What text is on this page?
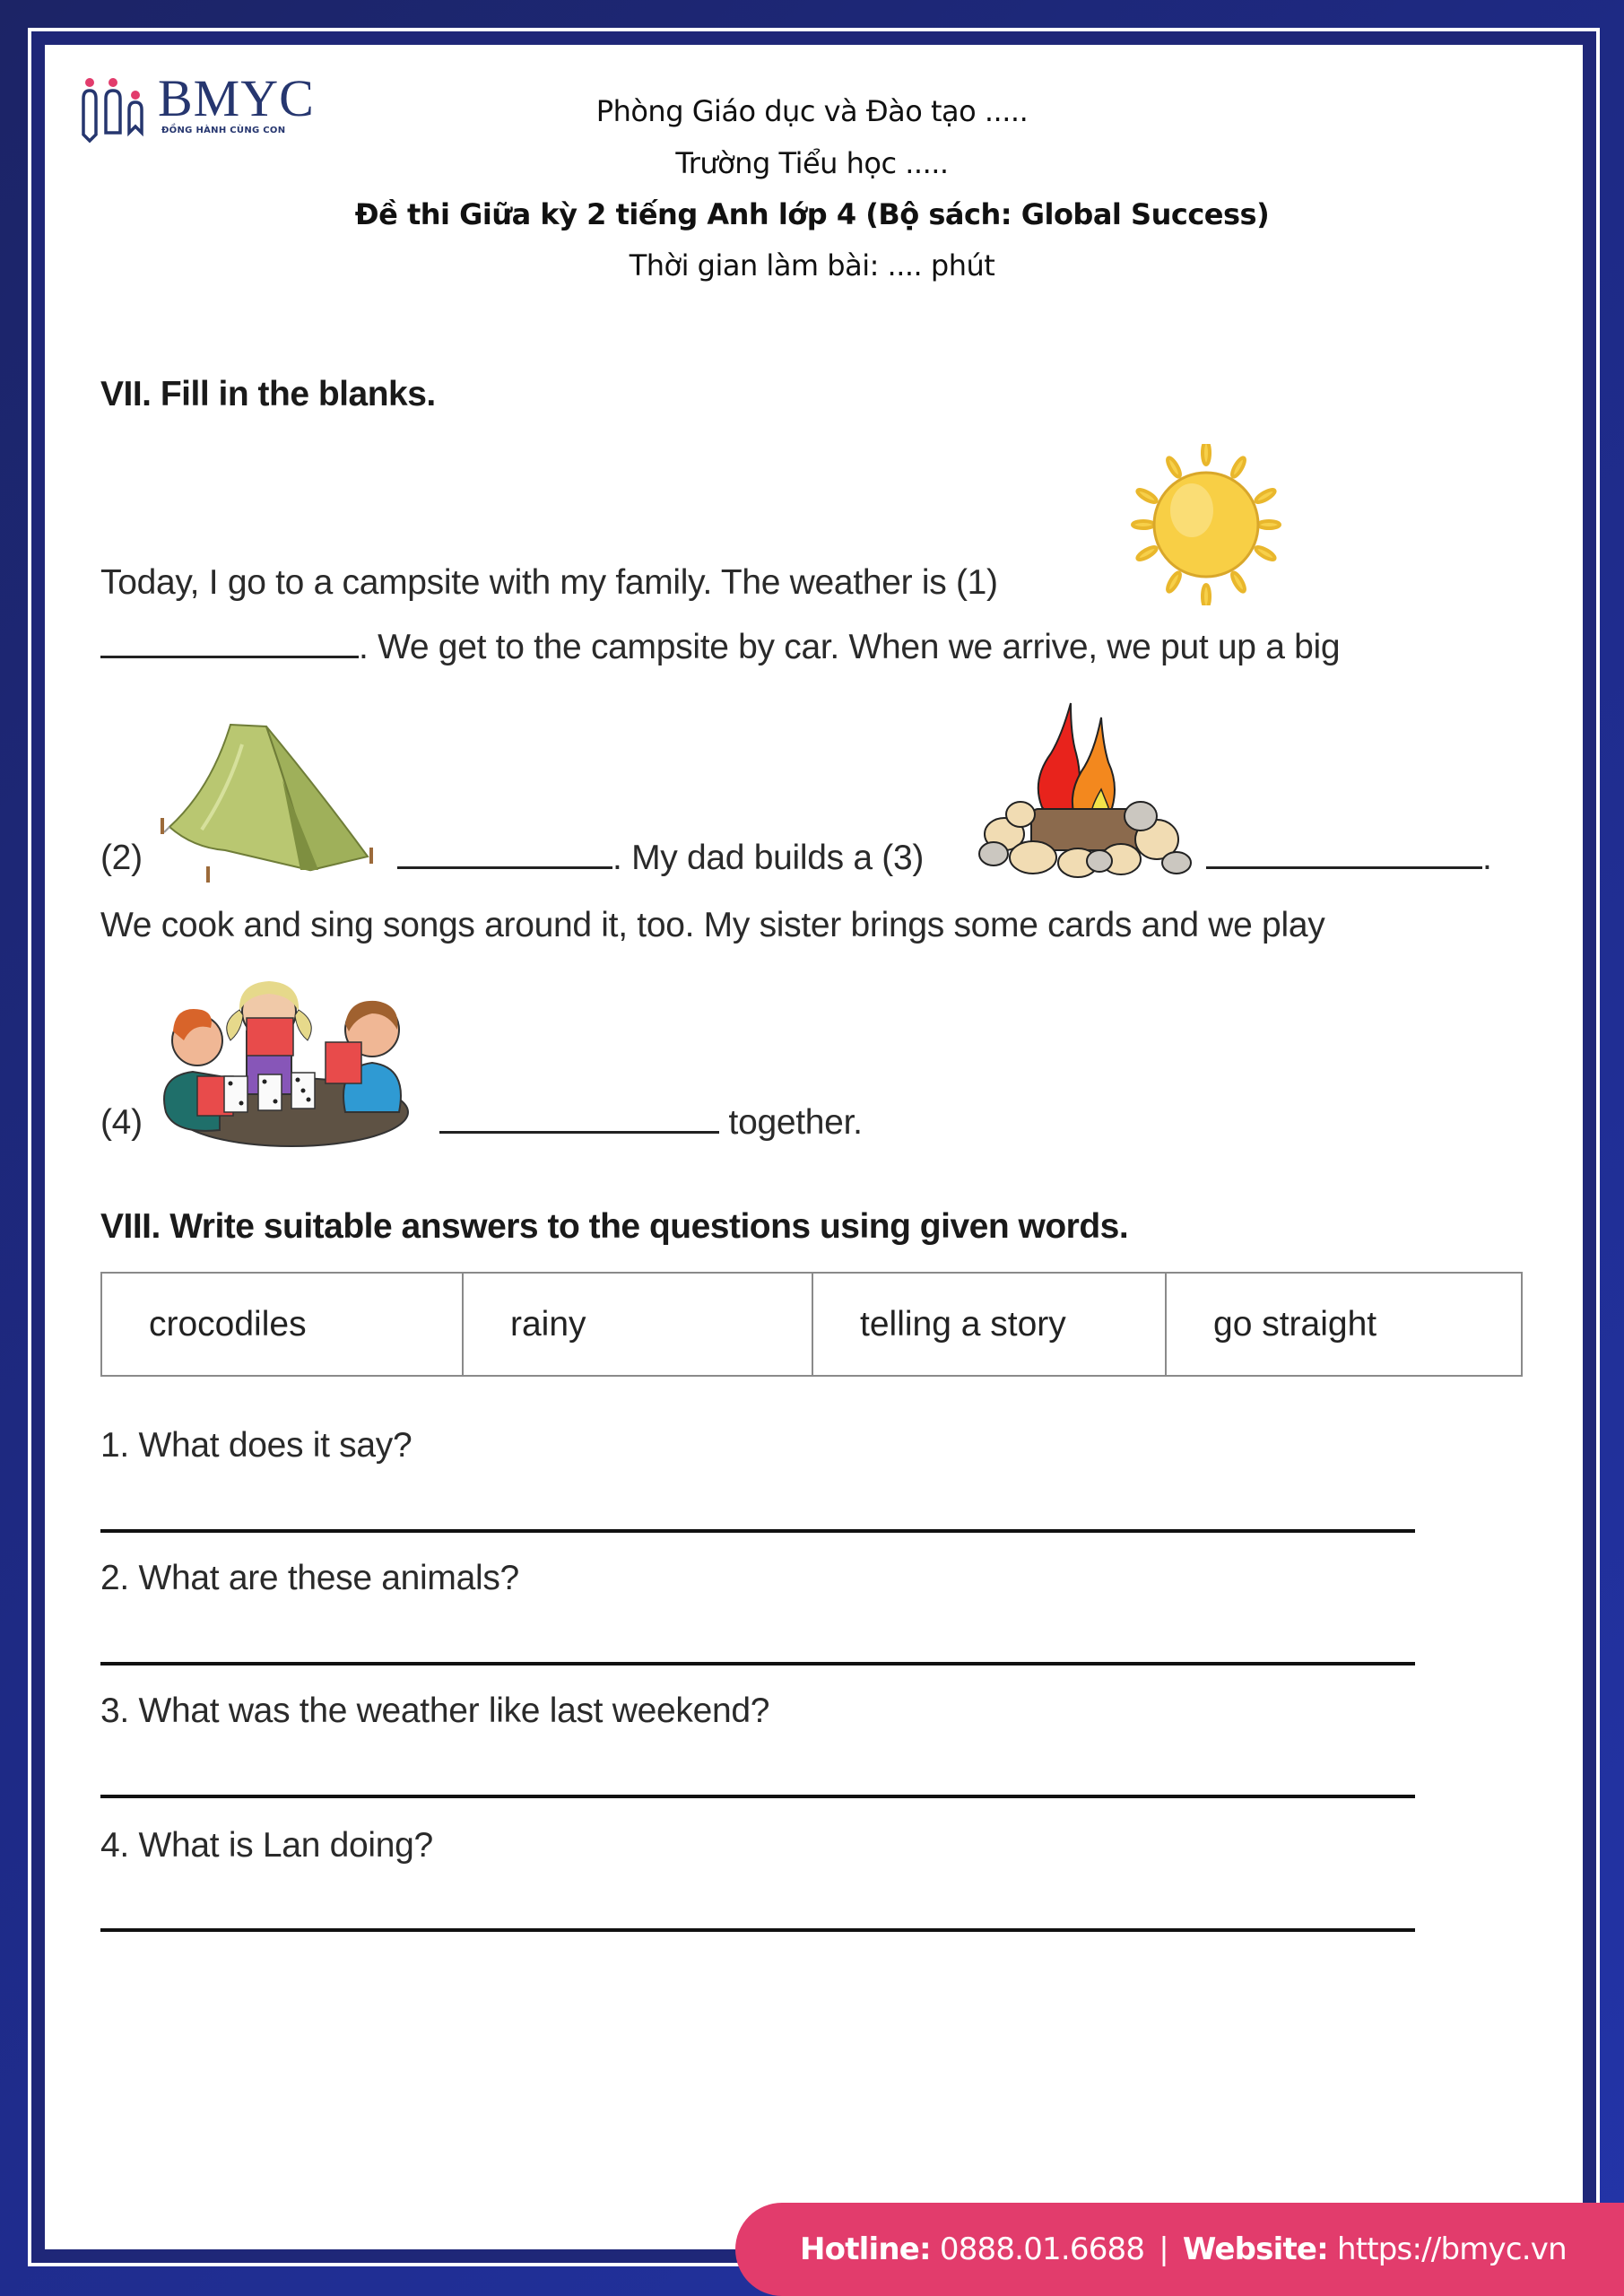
BMYC
ĐỒNG HÀNH CÙNG CON
Phòng Giáo dục và Đào tạo .....
Trường Tiểu học .....
Đề thi Giữa kỳ 2 tiếng Anh lớp 4 (Bộ sách: Global Success)
Thời gian làm bài: .... phút
VII. Fill in the blanks.
Today, I go to a campsite with my family. The weather is (1)
. We get to the campsite by car. When we arrive, we put up a big
(2)	. My dad builds a (3)	.
We cook and sing songs around it, too. My sister brings some cards and we play
(4)	together.
VIII. Write suitable answers to the questions using given words.
crocodiles	rainy	telling a story	go straight
1. What does it say?
2. What are these animals?
3. What was the weather like last weekend?
4. What is Lan doing?
Hotline:
0888.01.6688 | Website:
https://bmyc.vn
